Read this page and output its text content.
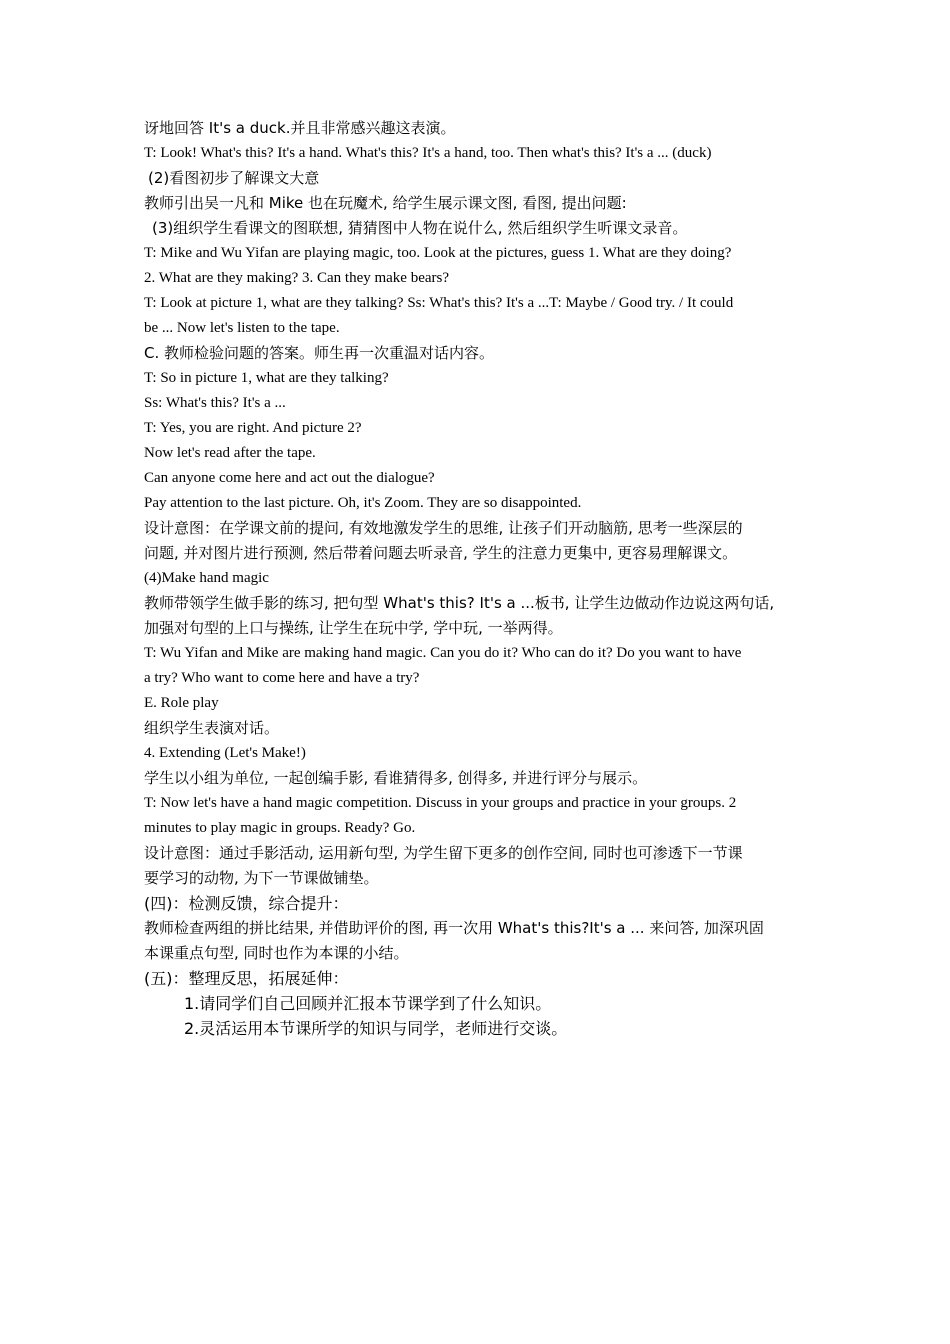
讶地回答 It's a duck.并且非常感兴趣这表演。

T: Look! What's this? It's a hand. What's this? It's a hand, too. Then what's this? It's a ... (duck)

(2)看图初步了解课文大意

教师引出吴一凡和 Mike 也在玩魔术, 给学生展示课文图, 看图, 提出问题:

(3)组织学生看课文的图联想, 猜猜图中人物在说什么, 然后组织学生听课文录音。

T: Mike and Wu Yifan are playing magic, too. Look at the pictures, guess 1. What are they doing?

2. What are they making? 3. Can they make bears?

T: Look at picture 1, what are they talking? Ss: What's this? It's a ...T: Maybe / Good try. / It could

be ... Now let's listen to the tape.

C. 教师检验问题的答案。师生再一次重温对话内容。

T: So in picture 1, what are they talking?

Ss: What's this? It's a ...

T: Yes, you are right. And picture 2?

Now let's read after the tape.

Can anyone come here and act out the dialogue?

Pay attention to the last picture. Oh, it's Zoom. They are so disappointed.

设计意图：在学课文前的提问, 有效地激发学生的思维, 让孩子们开动脑筋, 思考一些深层的

问题, 并对图片进行预测, 然后带着问题去听录音, 学生的注意力更集中, 更容易理解课文。

(4)Make hand magic

教师带领学生做手影的练习, 把句型 What's this? It's a ...板书, 让学生边做动作边说这两句话,

加强对句型的上口与操练, 让学生在玩中学, 学中玩, 一举两得。

T: Wu Yifan and Mike are making hand magic. Can you do it? Who can do it? Do you want to have

a try? Who want to come here and have a try?

E. Role play

组织学生表演对话。

4. Extending (Let's Make!)

学生以小组为单位, 一起创编手影, 看谁猜得多, 创得多, 并进行评分与展示。

T: Now let's have a hand magic competition. Discuss in your groups and practice in your groups. 2

minutes to play magic in groups. Ready? Go.

设计意图：通过手影活动, 运用新句型, 为学生留下更多的创作空间, 同时也可渗透下一节课

要学习的动物, 为下一节课做铺垫。

(四)：检测反馈，综合提升：

教师检查两组的拼比结果, 并借助评价的图, 再一次用 What's this?It's a ... 来问答, 加深巩固

本课重点句型, 同时也作为本课的小结。

(五)：整理反思，拓展延伸：

1.请同学们自己回顾并汇报本节课学到了什么知识。

2.灵活运用本节课所学的知识与同学，老师进行交谈。
